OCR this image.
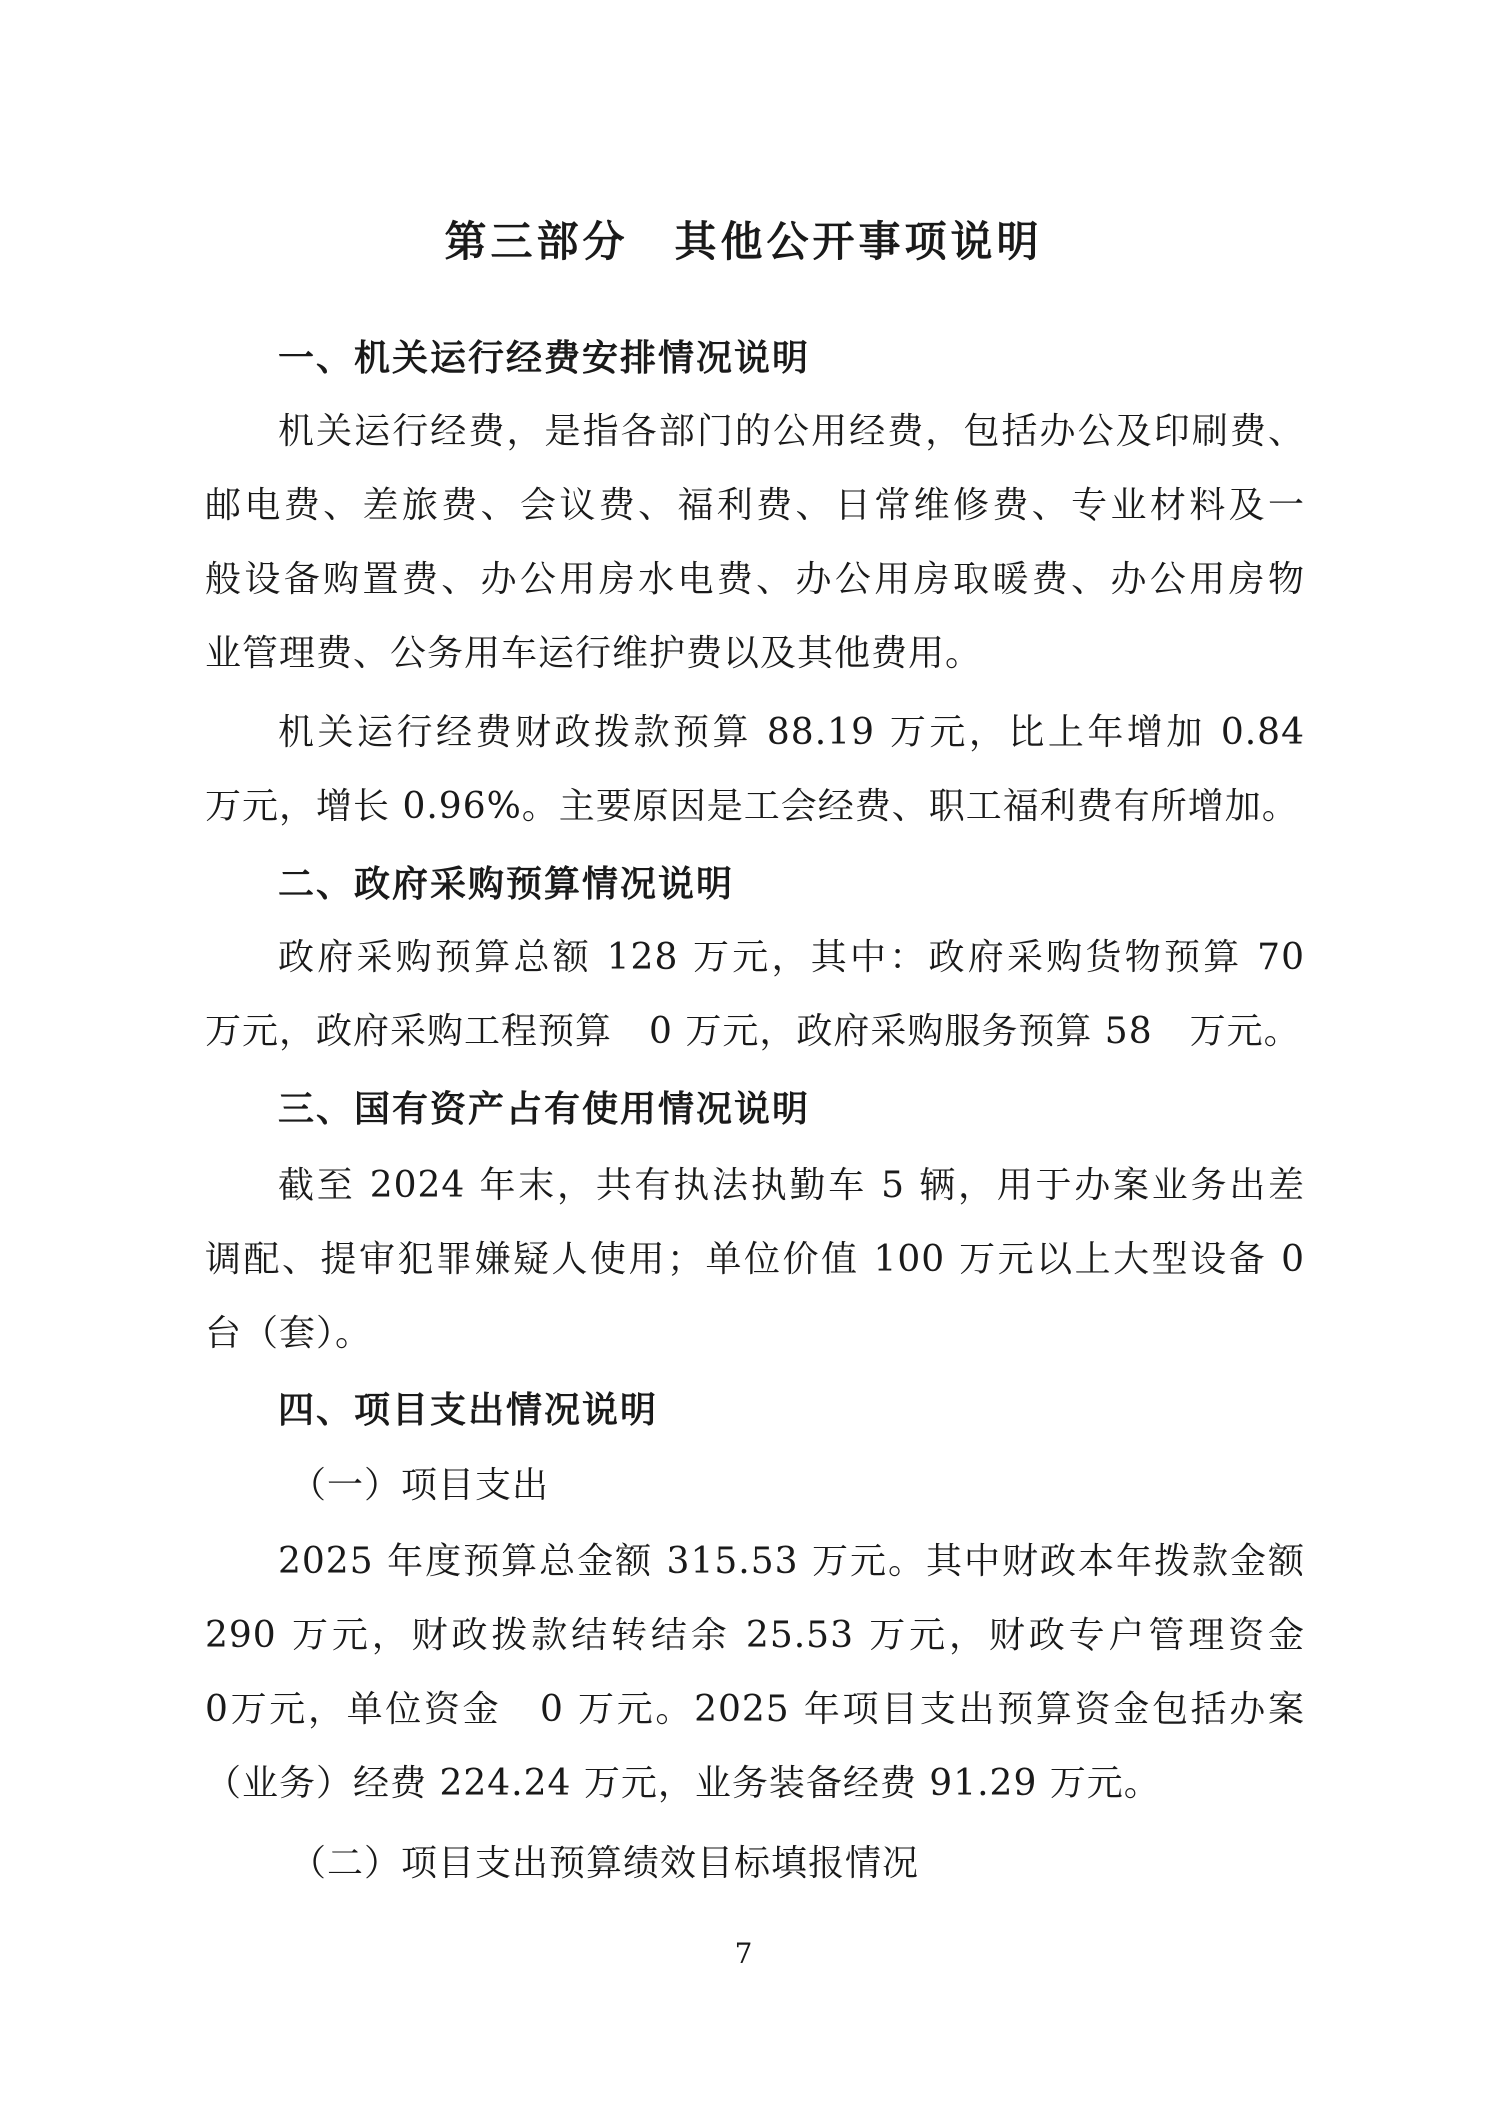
第三部分　其他公开事项说明
一、机关运行经费安排情况说明
机关运行经费，是指各部门的公用经费，包括办公及印刷费、
邮电费、差旅费、会议费、福利费、日常维修费、专业材料及一
般设备购置费、办公用房水电费、办公用房取暖费、办公用房物
业管理费、公务用车运行维护费以及其他费用。
机关运行经费财政拨款预算 88.19 万元，比上年增加 0.84
万元，增长 0.96%。主要原因是工会经费、职工福利费有所增加。
二、政府采购预算情况说明
政府采购预算总额 128 万元，其中：政府采购货物预算 70
万元，政府采购工程预算　0 万元，政府采购服务预算 58　万元。
三、国有资产占有使用情况说明
截至 2024 年末，共有执法执勤车 5 辆，用于办案业务出差
调配、提审犯罪嫌疑人使用；单位价值 100 万元以上大型设备 0
台（套）。
四、项目支出情况说明
（一）项目支出
2025 年度预算总金额 315.53 万元。其中财政本年拨款金额
290 万元，财政拨款结转结余 25.53 万元，财政专户管理资金
0万元，单位资金　0 万元。2025 年项目支出预算资金包括办案
（业务）经费 224.24 万元，业务装备经费 91.29 万元。
（二）项目支出预算绩效目标填报情况
7
